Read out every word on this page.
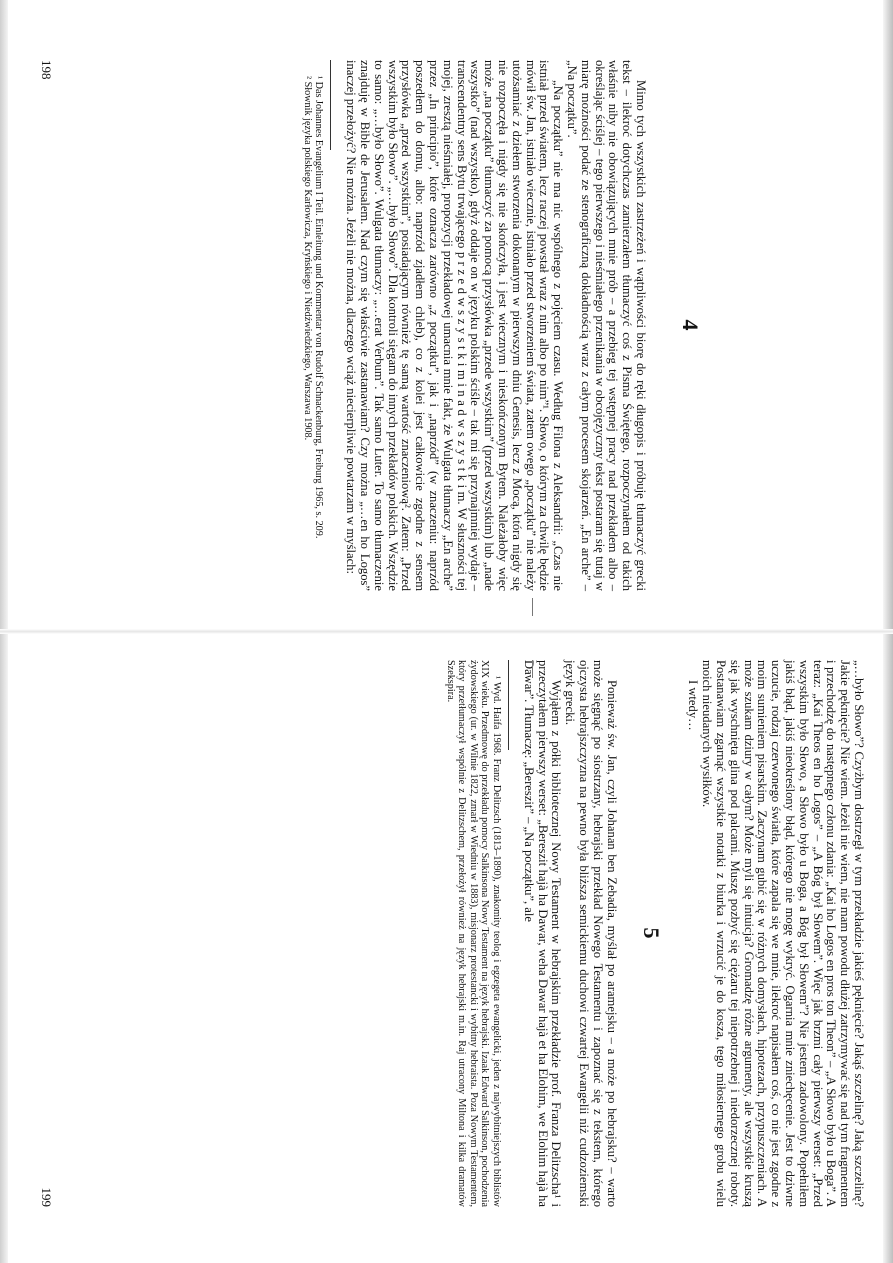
4

Mimo tych wszystkich zastrzeżeń i wątpliwości biorę do ręki długopis i próbuję tłumaczyć grecki tekst – ilekroć dotychczas zamierzałem tłumaczyć coś z Pisma Świętego, rozpoczynałem od takich właśnie niby nie obowiązujących mnie prób – a przebieg tej wstępnej pracy nad przekładem albo – określając ściślej – tego pierwszego i nieśmiałego przenikania w obcojęzyczny tekst postaram się tutaj w miarę możności podać ze stenograficzną dokładnością wraz z całym procesem skojarzeń. „En arche” – „Na początku”.

„Na początku” nie ma nic wspólnego z pojęciem czasu. Według Filona z Aleksandrii: „Czas nie istniał przed światem, lecz raczej powstał wraz z nim albo po nim”¹. Słowo, o którym za chwilę będzie mówił św. Jan, istniało wiecznie, istniało przed stworzeniem świata, zatem owego „początku” nie należy utożsamiać z dziełem stworzenia dokonanym w pierwszym dniu Genesis, lecz z Mocą, która nigdy się nie rozpoczęła i nigdy się nie skończyła, i jest wiecznym i nieskończonym Bytem. Należałoby więc może „na początku” tłumaczyć za pomocą przysłówka „przede wszystkim” (przed wszystkim) lub „nade wszystko” (nad wszystko), gdyż oddaje on w języku polskim ściśle – tak mi się przynajmniej wydaje – transcendentny sens Bytu trwającego p r z e d w s z y s t k i m i n a d w s z y s t k i m. W słuszności tej mojej, zresztą nieśmiałej, propozycji przekładowej umacnia mnie fakt, że Wulgata tłumaczy „En arche” przez „In principio”, które oznacza zarówno „z początku”, jak i „naprzód” (w znaczeniu: naprzód poszedłem do domu, albo: naprzód zjadłem chleb), co z kolei jest całkowicie zgodne z sensem przysłówka „przed wszystkim”, posiadającym również tę samą wartość znaczeniową². Zatem: „Przed wszystkim było Słowo”. „…było Słowo”. Dla kontroli sięgam do innych przekładów polskich. Wszędzie to samo: „…było Słowo”. Wulgata tłumaczy: „…erat Verbum”. Tak samo Luter. To samo tłumaczenie znajduję w Bible de Jerusalem. Nad czym się właściwie zastanawiam? Czy można „…en ho Logos” inaczej przełożyć? Nie można. Jeżeli nie można, dlaczego wciąż niecierpliwie powtarzam w myślach:

¹ Das Johannes Evangelium I Teil. Einleitung und Kommentar von Rudolf Schnackenburg, Freiburg 1965, s. 209.

² Słownik języka polskiego Karłowicza, Kryńskiego i Niedźwiedzkiego, Warszawa 1908.

198

„…było Słowo”? Czyżbym dostrzegł w tym przekładzie jakieś pęknięcie? Jakąś szczelinę? Jaką szczelinę? Jakie pęknięcie? Nie wiem. Jeżeli nie wiem, nie mam powodu dłużej zatrzymywać się nad tym fragmentem i przechodzę do następnego członu zdania: „Kai ho Logos en pros ton Theon” – „A Słowo było u Boga”. A teraz: „Kai Theos en ho Logos” – „A Bóg był Słowem”. Więc jak brzmi cały pierwszy werset: „Przed wszystkim było Słowo, a Słowo było u Boga, a Bóg był Słowem”? Nie jestem zadowolony. Popełniłem jakiś błąd, jakiś nieokreślony błąd, którego nie mogę wykryć. Ogarnia mnie zniechęcenie. Jest to dziwne uczucie, rodzaj czerwonego światła, które zapala się we mnie, ilekroć napisałem coś, co nie jest zgodne z moim sumieniem pisarskim. Zaczynam gubić się w różnych domysłach, hipotezach, przypuszczeniach. A może szukam dziury w całym? Może myli się intuicja? Gromadzę różne argumenty, ale wszystkie kruszą się jak wyschnięta glina pod palcami. Muszę pozbyć się ciężaru tej niepotrzebnej i niedorzecznej roboty. Postanawiam zgarnąć wszystkie notatki z biurka i wrzucić je do kosza, tego miłosiernego grobu wielu moich nieudanych wysiłków.

I wtedy…

5

Ponieważ św. Jan, czyli Johanan ben Zebadia, myślał po aramejsku – a może po hebrajsku? – warto może sięgnąć po siostrzany, hebrajski przekład Nowego Testamentu i zapoznać się z tekstem, którego ojczysta hebrajszczyzna na pewno była bliższa semickiemu duchowi czwartej Ewangelii niż cudzoziemski język grecki.

Wyjąłem z półki bibliotecznej Nowy Testament w hebrajskim przekładzie prof. Franza Delitzscha¹ i przeczytałem pierwszy werset: „Bereszit hajà ha Dawar, weha Dawar hajà et ha Elohim, we Elohim hajà ha Dawar”. Tłumaczę: „Bereszit” – „Na początku”, ale

¹ Wyd. Haifa 1968. Franz Delitzsch (1813–1890), znakomity teolog i egzegeta ewangelicki, jeden z najwybitniejszych biblistów XIX wieku. Przedmowę do przekładu pomocy Salkinsona Nowy Testament na język hebrajski. Izaak Edward Salkinson, pochodzenia żydowskiego (ur. w Wilnie 1822, zmarł w Wiedniu w 1883), misjonarz protestancki i wybitny hebraista. Poza Nowym Testamentem, który przetłumaczył wspólnie z Delitzschem, przełożył również na język hebrajski m.in. Raj utracony Miltona i kilka dramatów Szekspira.

199
